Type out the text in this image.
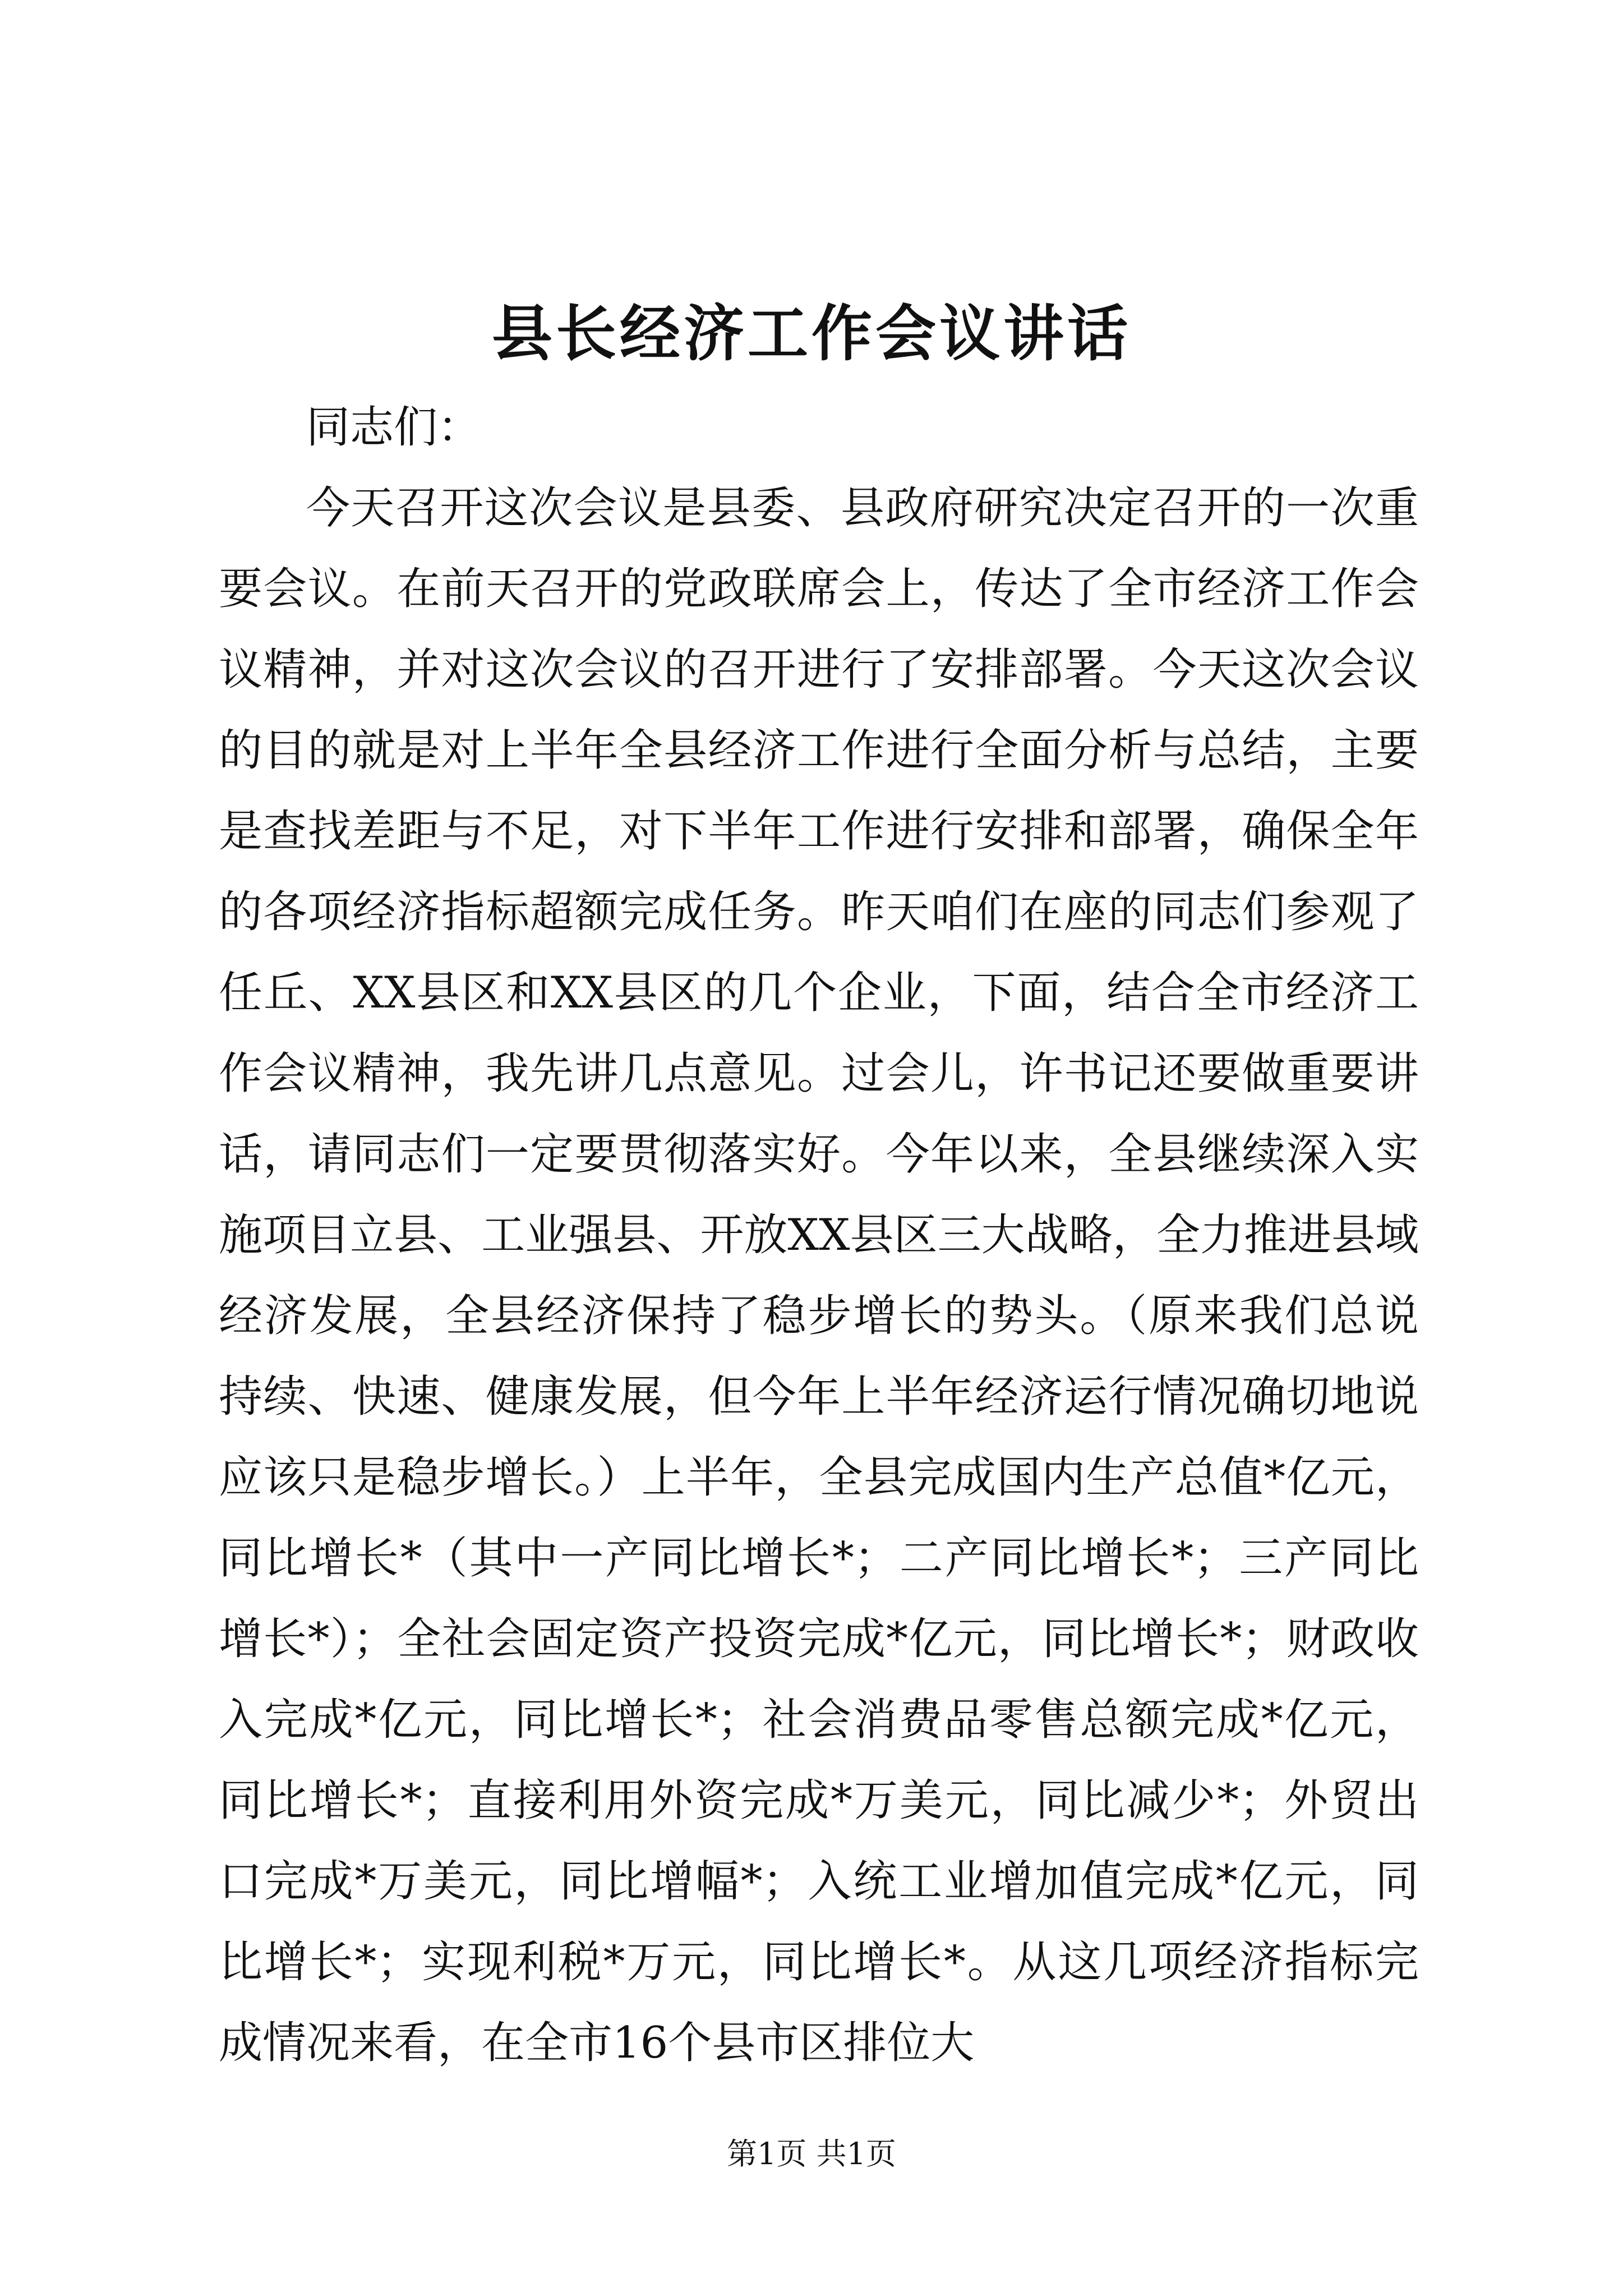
县长经济工作会议讲话

同志们：

今天召开这次会议是县委、县政府研究决定召开的一次重要会议。在前天召开的党政联席会上，传达了全市经济工作会议精神，并对这次会议的召开进行了安排部署。今天这次会议的目的就是对上半年全县经济工作进行全面分析与总结，主要是查找差距与不足，对下半年工作进行安排和部署，确保全年的各项经济指标超额完成任务。昨天咱们在座的同志们参观了任丘、XX县区和XX县区的几个企业，下面，结合全市经济工作会议精神，我先讲几点意见。过会儿，许书记还要做重要讲话，请同志们一定要贯彻落实好。今年以来，全县继续深入实施项目立县、工业强县、开放XX县区三大战略，全力推进县域经济发展，全县经济保持了稳步增长的势头。（原来我们总说持续、快速、健康发展，但今年上半年经济运行情况确切地说应该只是稳步增长。）上半年，全县完成国内生产总值*亿元，同比增长*（其中一产同比增长*；二产同比增长*；三产同比增长*）；全社会固定资产投资完成*亿元，同比增长*；财政收入完成*亿元，同比增长*；社会消费品零售总额完成*亿元，同比增长*；直接利用外资完成*万美元，同比减少*；外贸出口完成*万美元，同比增幅*；入统工业增加值完成*亿元，同比增长*；实现利税*万元，同比增长*。从这几项经济指标完成情况来看，在全市16个县市区排位大

第1页 共1页
